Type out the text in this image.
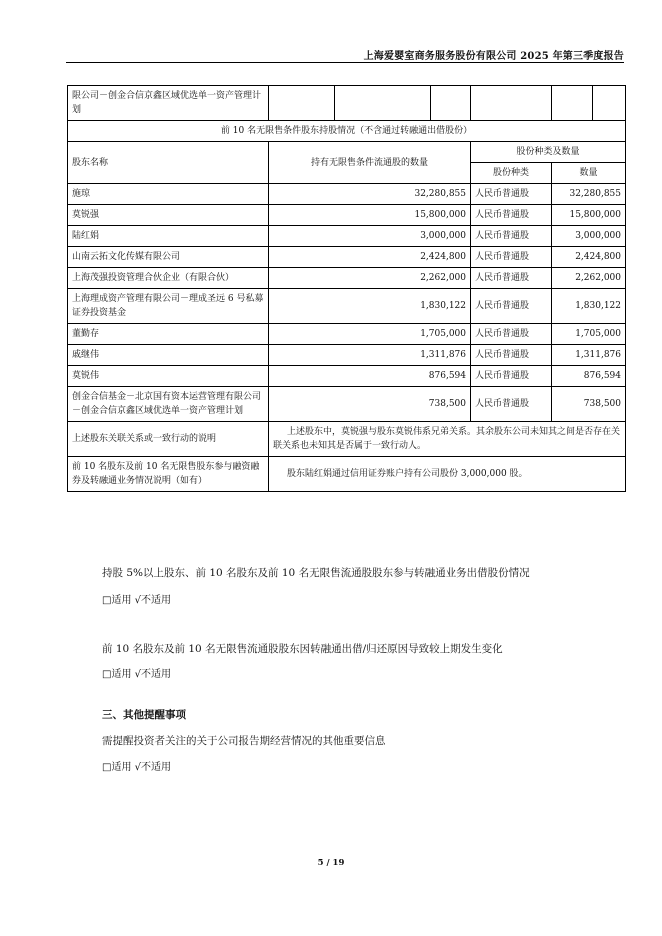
上海爱婴室商务服务股份有限公司 2025 年第三季度报告
限公司－创金合信京鑫区域优选单一资产管理计划						
前 10 名无限售条件股东持股情况（不含通过转融通出借股份）						
股东名称	持有无限售条件流通股的数量			股份种类及数量		
				股份种类	数量	
施琼	32,280,855			人民币普通股	32,280,855	
莫锐强	15,800,000			人民币普通股	15,800,000	
陆红娟	3,000,000			人民币普通股	3,000,000	
山南云拓文化传媒有限公司	2,424,800			人民币普通股	2,424,800	
上海茂强投资管理合伙企业（有限合伙）	2,262,000			人民币普通股	2,262,000	
上海理成资产管理有限公司－理成圣远 6 号私募证券投资基金	1,830,122			人民币普通股	1,830,122	
董勤存	1,705,000			人民币普通股	1,705,000	
戚继伟	1,311,876			人民币普通股	1,311,876	
莫锐伟	876,594			人民币普通股	876,594	
创金合信基金－北京国有资本运营管理有限公司－创金合信京鑫区域优选单一资产管理计划	738,500			人民币普通股	738,500	
上述股东关联关系或一致行动的说明	上述股东中，莫锐强与股东莫锐伟系兄弟关系。其余股东公司未知其之间是否存在关联关系也未知其是否属于一致行动人。					
前 10 名股东及前 10 名无限售股东参与融资融券及转融通业务情况说明（如有）	股东陆红娟通过信用证券账户持有公司股份 3,000,000 股。					
持股 5%以上股东、前 10 名股东及前 10 名无限售流通股股东参与转融通业务出借股份情况
□适用 √不适用
前 10 名股东及前 10 名无限售流通股股东因转融通出借/归还原因导致较上期发生变化
□适用 √不适用
三、其他提醒事项
需提醒投资者关注的关于公司报告期经营情况的其他重要信息
□适用 √不适用
5 / 19
